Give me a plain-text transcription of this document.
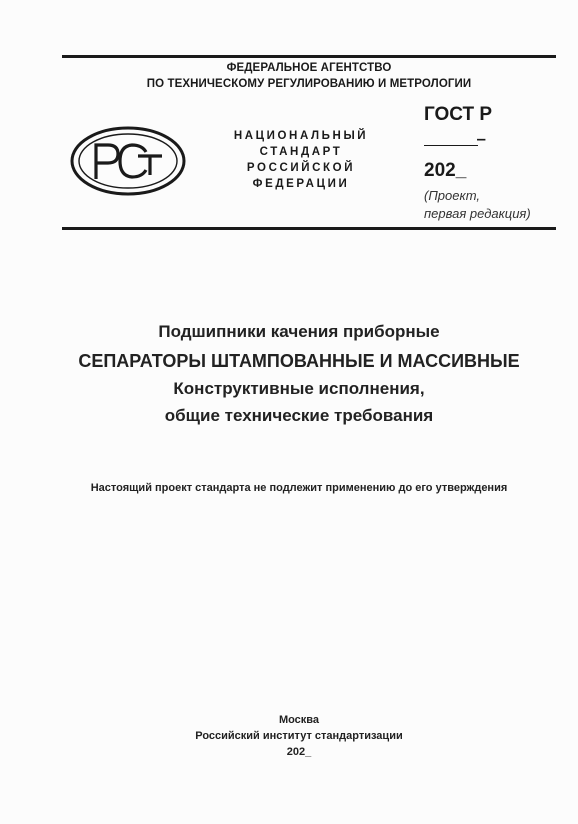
ФЕДЕРАЛЬНОЕ АГЕНТСТВО
ПО ТЕХНИЧЕСКОМУ РЕГУЛИРОВАНИЮ И МЕТРОЛОГИИ
НАЦИОНАЛЬНЫЙ
СТАНДАРТ
РОССИЙСКОЙ
ФЕДЕРАЦИИ
ГОСТ Р
–
202_
(Проект,
первая редакция)
Подшипники качения приборные
СЕПАРАТОРЫ ШТАМПОВАННЫЕ И МАССИВНЫЕ
Конструктивные исполнения,
общие технические требования
Настоящий проект стандарта не подлежит применению до его утверждения
Москва
Российский институт стандартизации
202_
